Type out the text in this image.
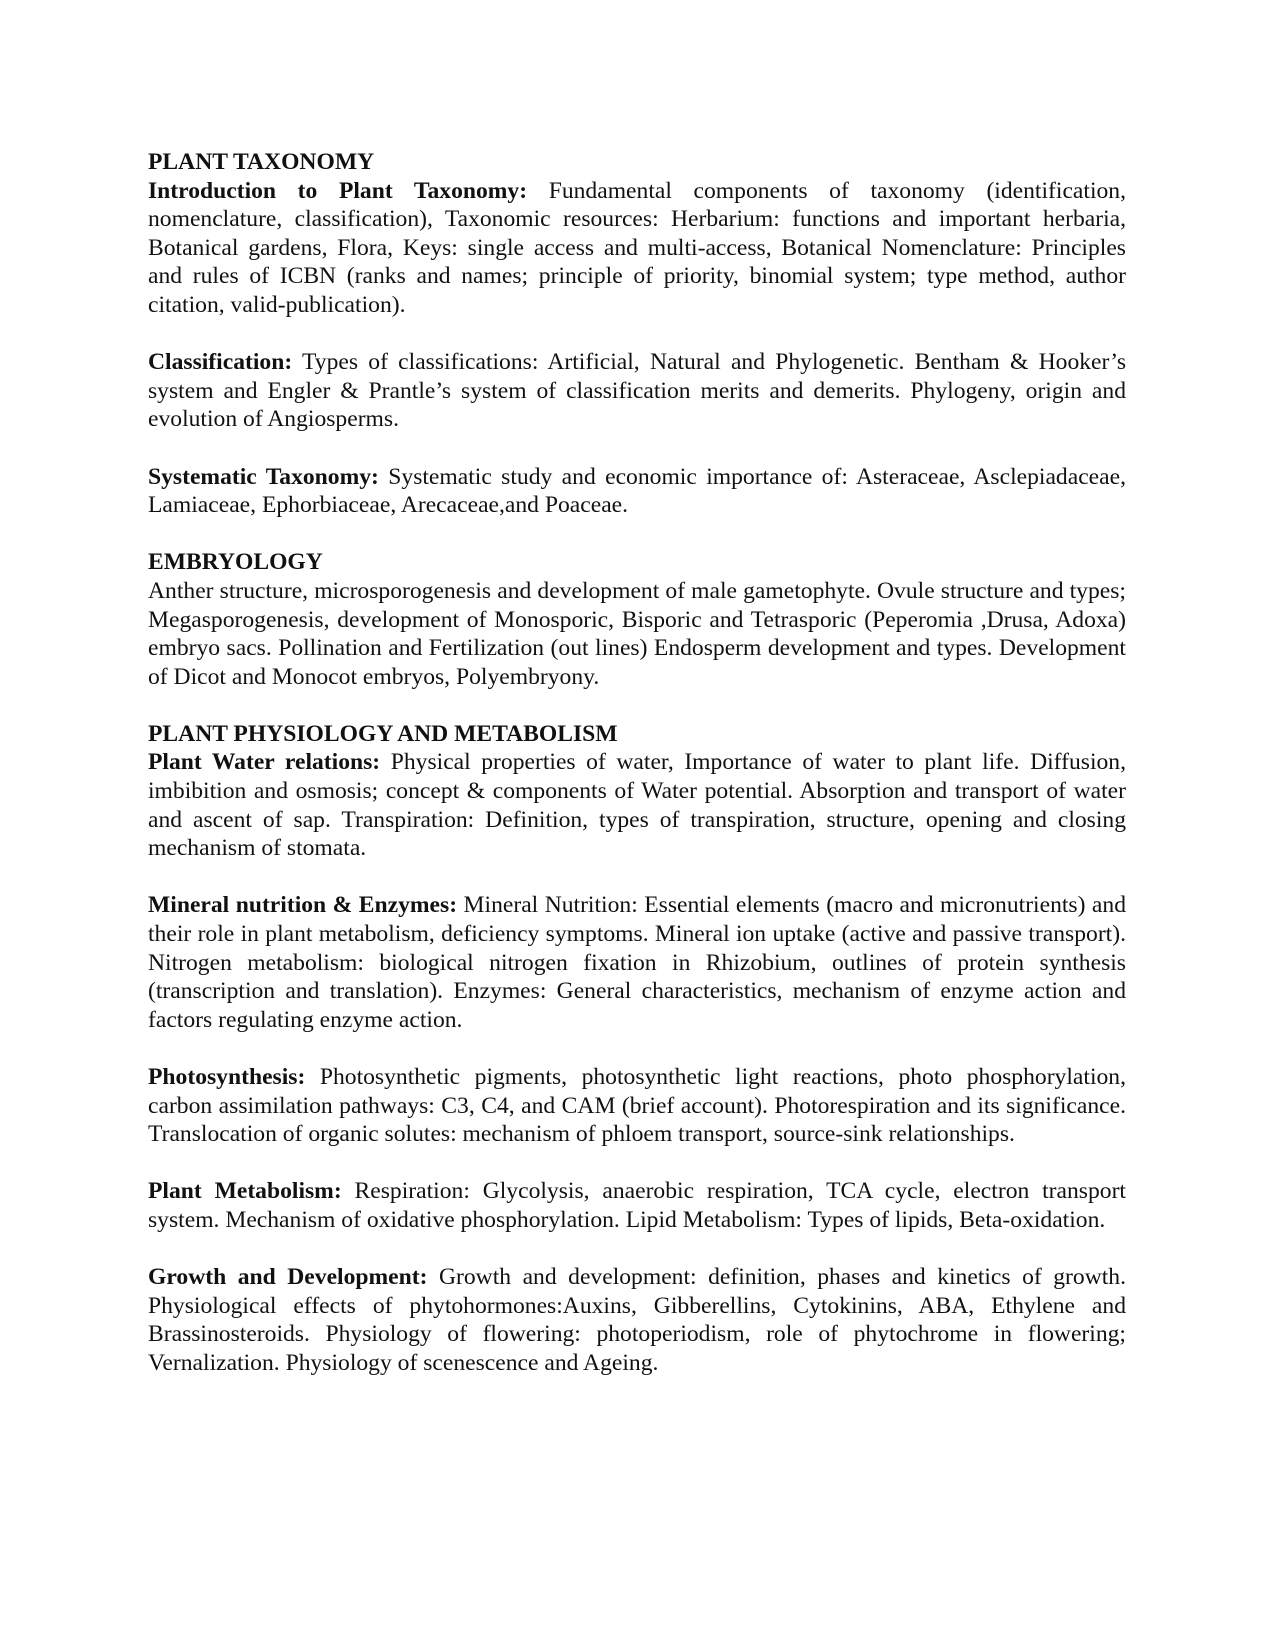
PLANT TAXONOMY

Introduction to Plant Taxonomy: Fundamental components of taxonomy (identification, nomenclature, classification), Taxonomic resources: Herbarium: functions and important herbaria, Botanical gardens, Flora, Keys: single access and multi-access, Botanical Nomenclature: Principles and rules of ICBN (ranks and names; principle of priority, binomial system; type method, author citation, valid-publication).

Classification: Types of classifications: Artificial, Natural and Phylogenetic. Bentham & Hooker’s system and Engler & Prantle’s system of classification merits and demerits. Phylogeny, origin and evolution of Angiosperms.

Systematic Taxonomy: Systematic study and economic importance of: Asteraceae, Asclepiadaceae, Lamiaceae, Ephorbiaceae, Arecaceae,and Poaceae.

EMBRYOLOGY

Anther structure, microsporogenesis and development of male gametophyte. Ovule structure and types; Megasporogenesis, development of Monosporic, Bisporic and Tetrasporic (Peperomia ,Drusa, Adoxa) embryo sacs. Pollination and Fertilization (out lines) Endosperm development and types. Development of Dicot and Monocot embryos, Polyembryony.

PLANT PHYSIOLOGY AND METABOLISM

Plant Water relations: Physical properties of water, Importance of water to plant life. Diffusion, imbibition and osmosis; concept & components of Water potential. Absorption and transport of water and ascent of sap. Transpiration: Definition, types of transpiration, structure, opening and closing mechanism of stomata.

Mineral nutrition & Enzymes: Mineral Nutrition: Essential elements (macro and micronutrients) and their role in plant metabolism, deficiency symptoms. Mineral ion uptake (active and passive transport). Nitrogen metabolism: biological nitrogen fixation in Rhizobium, outlines of protein synthesis (transcription and translation). Enzymes: General characteristics, mechanism of enzyme action and factors regulating enzyme action.

Photosynthesis: Photosynthetic pigments, photosynthetic light reactions, photo phosphorylation, carbon assimilation pathways: C3, C4, and CAM (brief account). Photorespiration and its significance. Translocation of organic solutes: mechanism of phloem transport, source-sink relationships.

Plant Metabolism: Respiration: Glycolysis, anaerobic respiration, TCA cycle, electron transport system. Mechanism of oxidative phosphorylation. Lipid Metabolism: Types of lipids, Beta-oxidation.

Growth and Development: Growth and development: definition, phases and kinetics of growth. Physiological effects of phytohormones:Auxins, Gibberellins, Cytokinins, ABA, Ethylene and Brassinosteroids. Physiology of flowering: photoperiodism, role of phytochrome in flowering; Vernalization. Physiology of scenescence and Ageing.
